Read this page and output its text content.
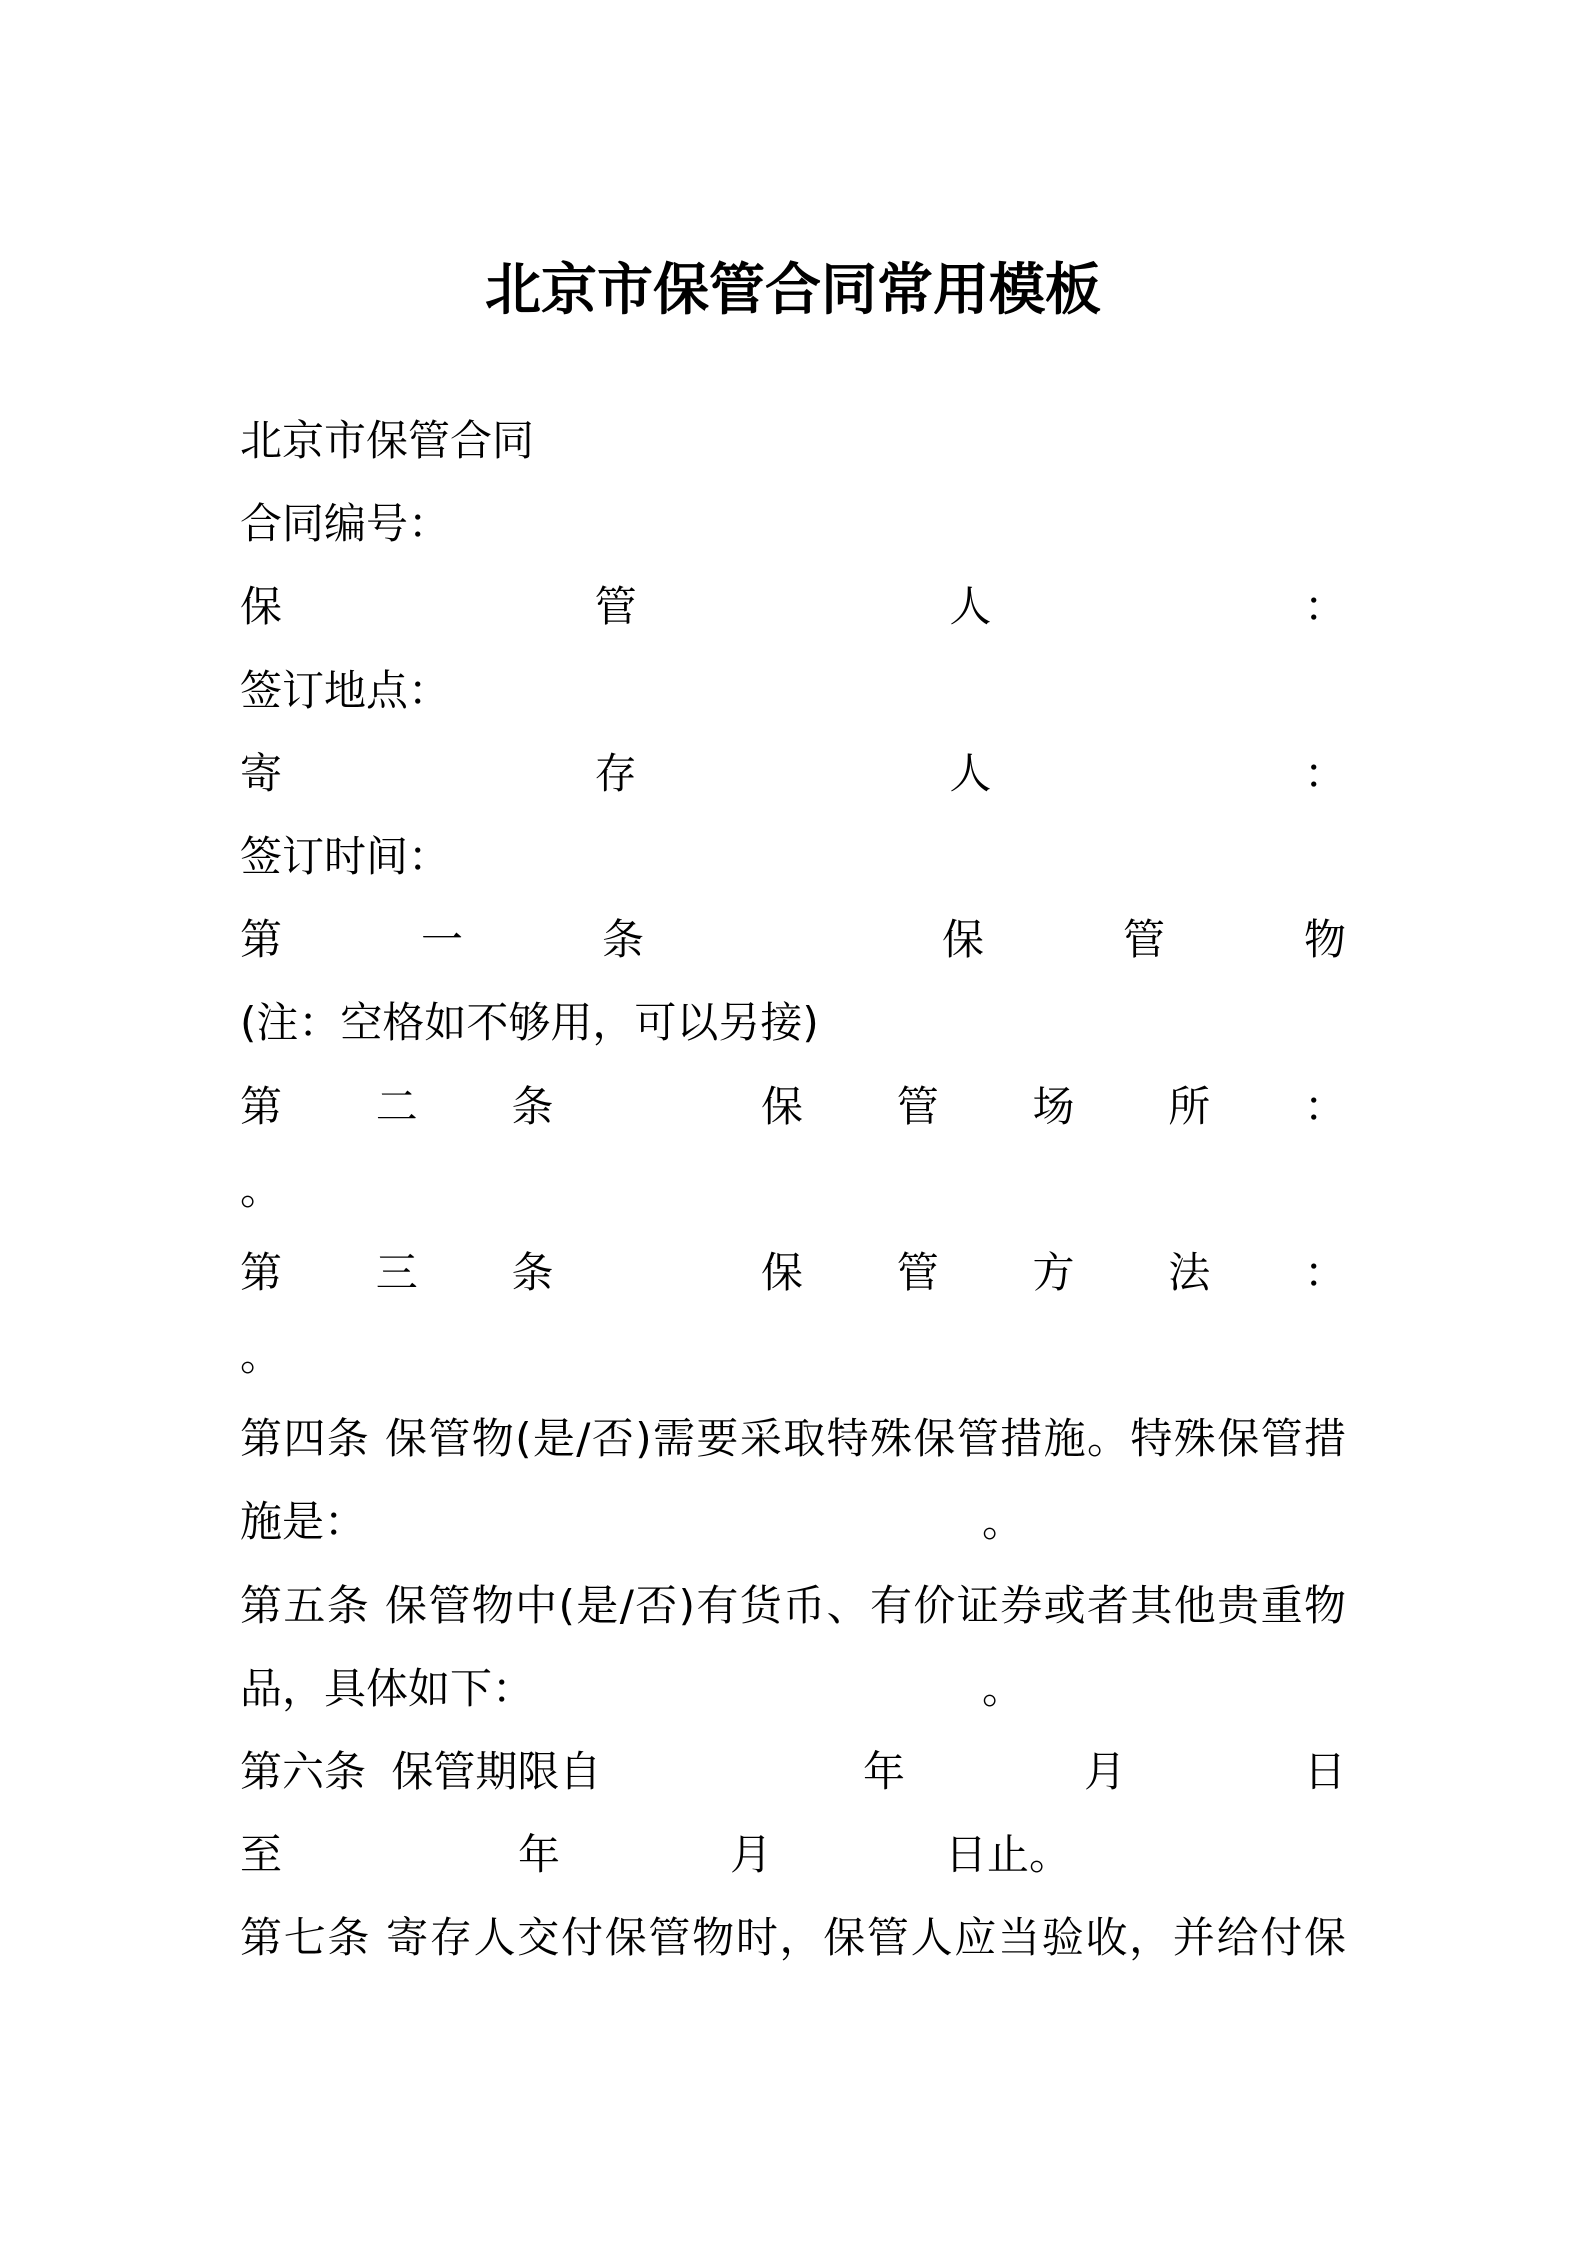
北京市保管合同常用模板
北京市保管合同
合同编号：
保	管	人	：
签订地点：
寄	存	人	：
签订时间：
第	一	条	保	管	物
(注：空格如不够用，可以另接)
第 二 条	保 管 场 所 ：
。
第 三 条	保 管 方 法 ：
。
第四条 保管物(是/否)需要采取特殊保管措施。特殊保管措
施是：	。
第五条 保管物中(是/否)有货币、有价证券或者其他贵重物
品，具体如下：	。
第六条 保管期限自	年	月	日
至	年	月	日止。
第七条 寄存人交付保管物时，保管人应当验收，并给付保
